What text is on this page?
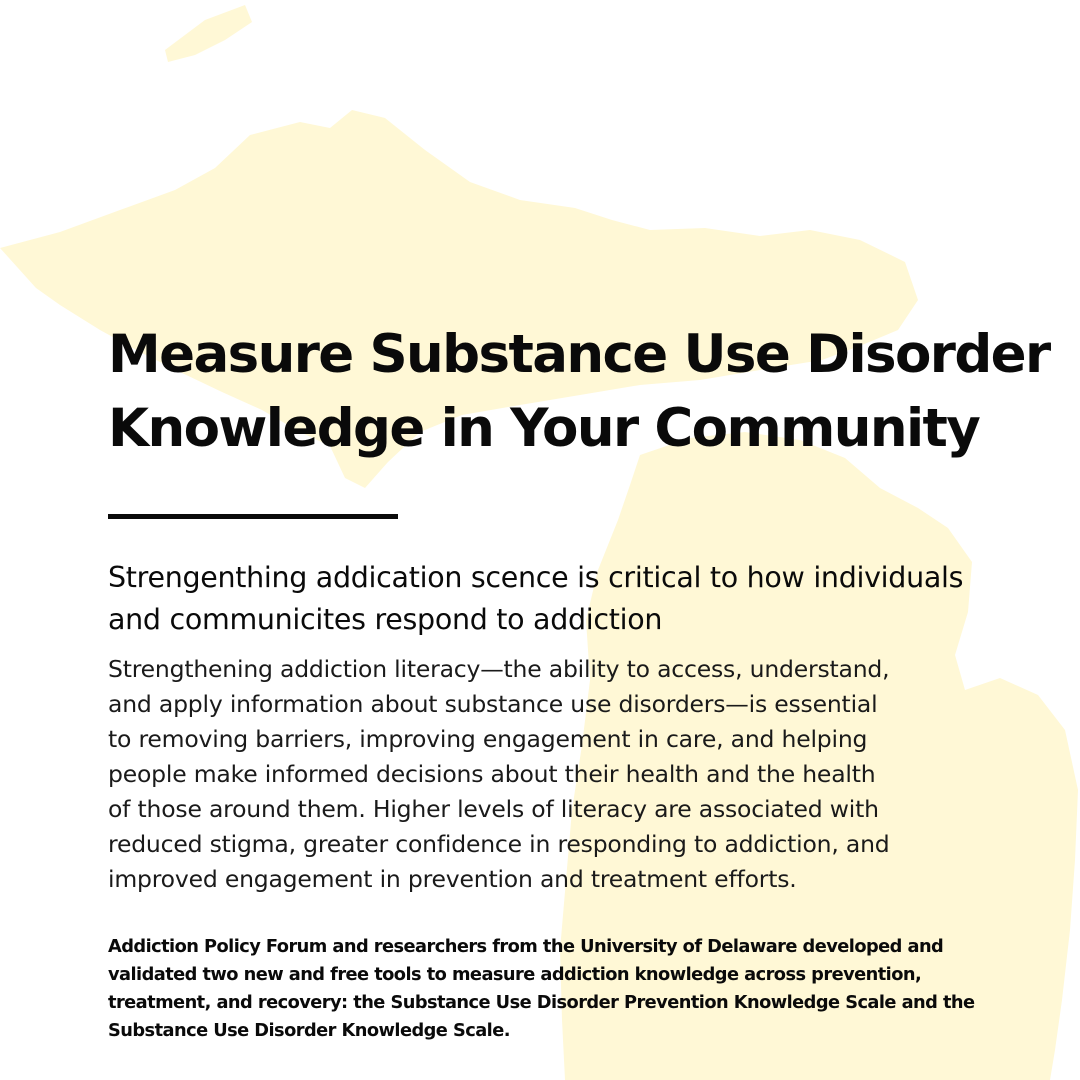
Measure Substance Use Disorder
Knowledge in Your Community

Strengenthing addication scence is critical to how individuals
and communicites respond to addiction

Strengthening addiction literacy—the ability to access, understand,
and apply information about substance use disorders—is essential
to removing barriers, improving engagement in care, and helping
people make informed decisions about their health and the health
of those around them. Higher levels of literacy are associated with
reduced stigma, greater confidence in responding to addiction, and
improved engagement in prevention and treatment efforts.

Addiction Policy Forum and researchers from the University of Delaware developed and
validated two new and free tools to measure addiction knowledge across prevention,
treatment, and recovery: the Substance Use Disorder Prevention Knowledge Scale and the
Substance Use Disorder Knowledge Scale.
